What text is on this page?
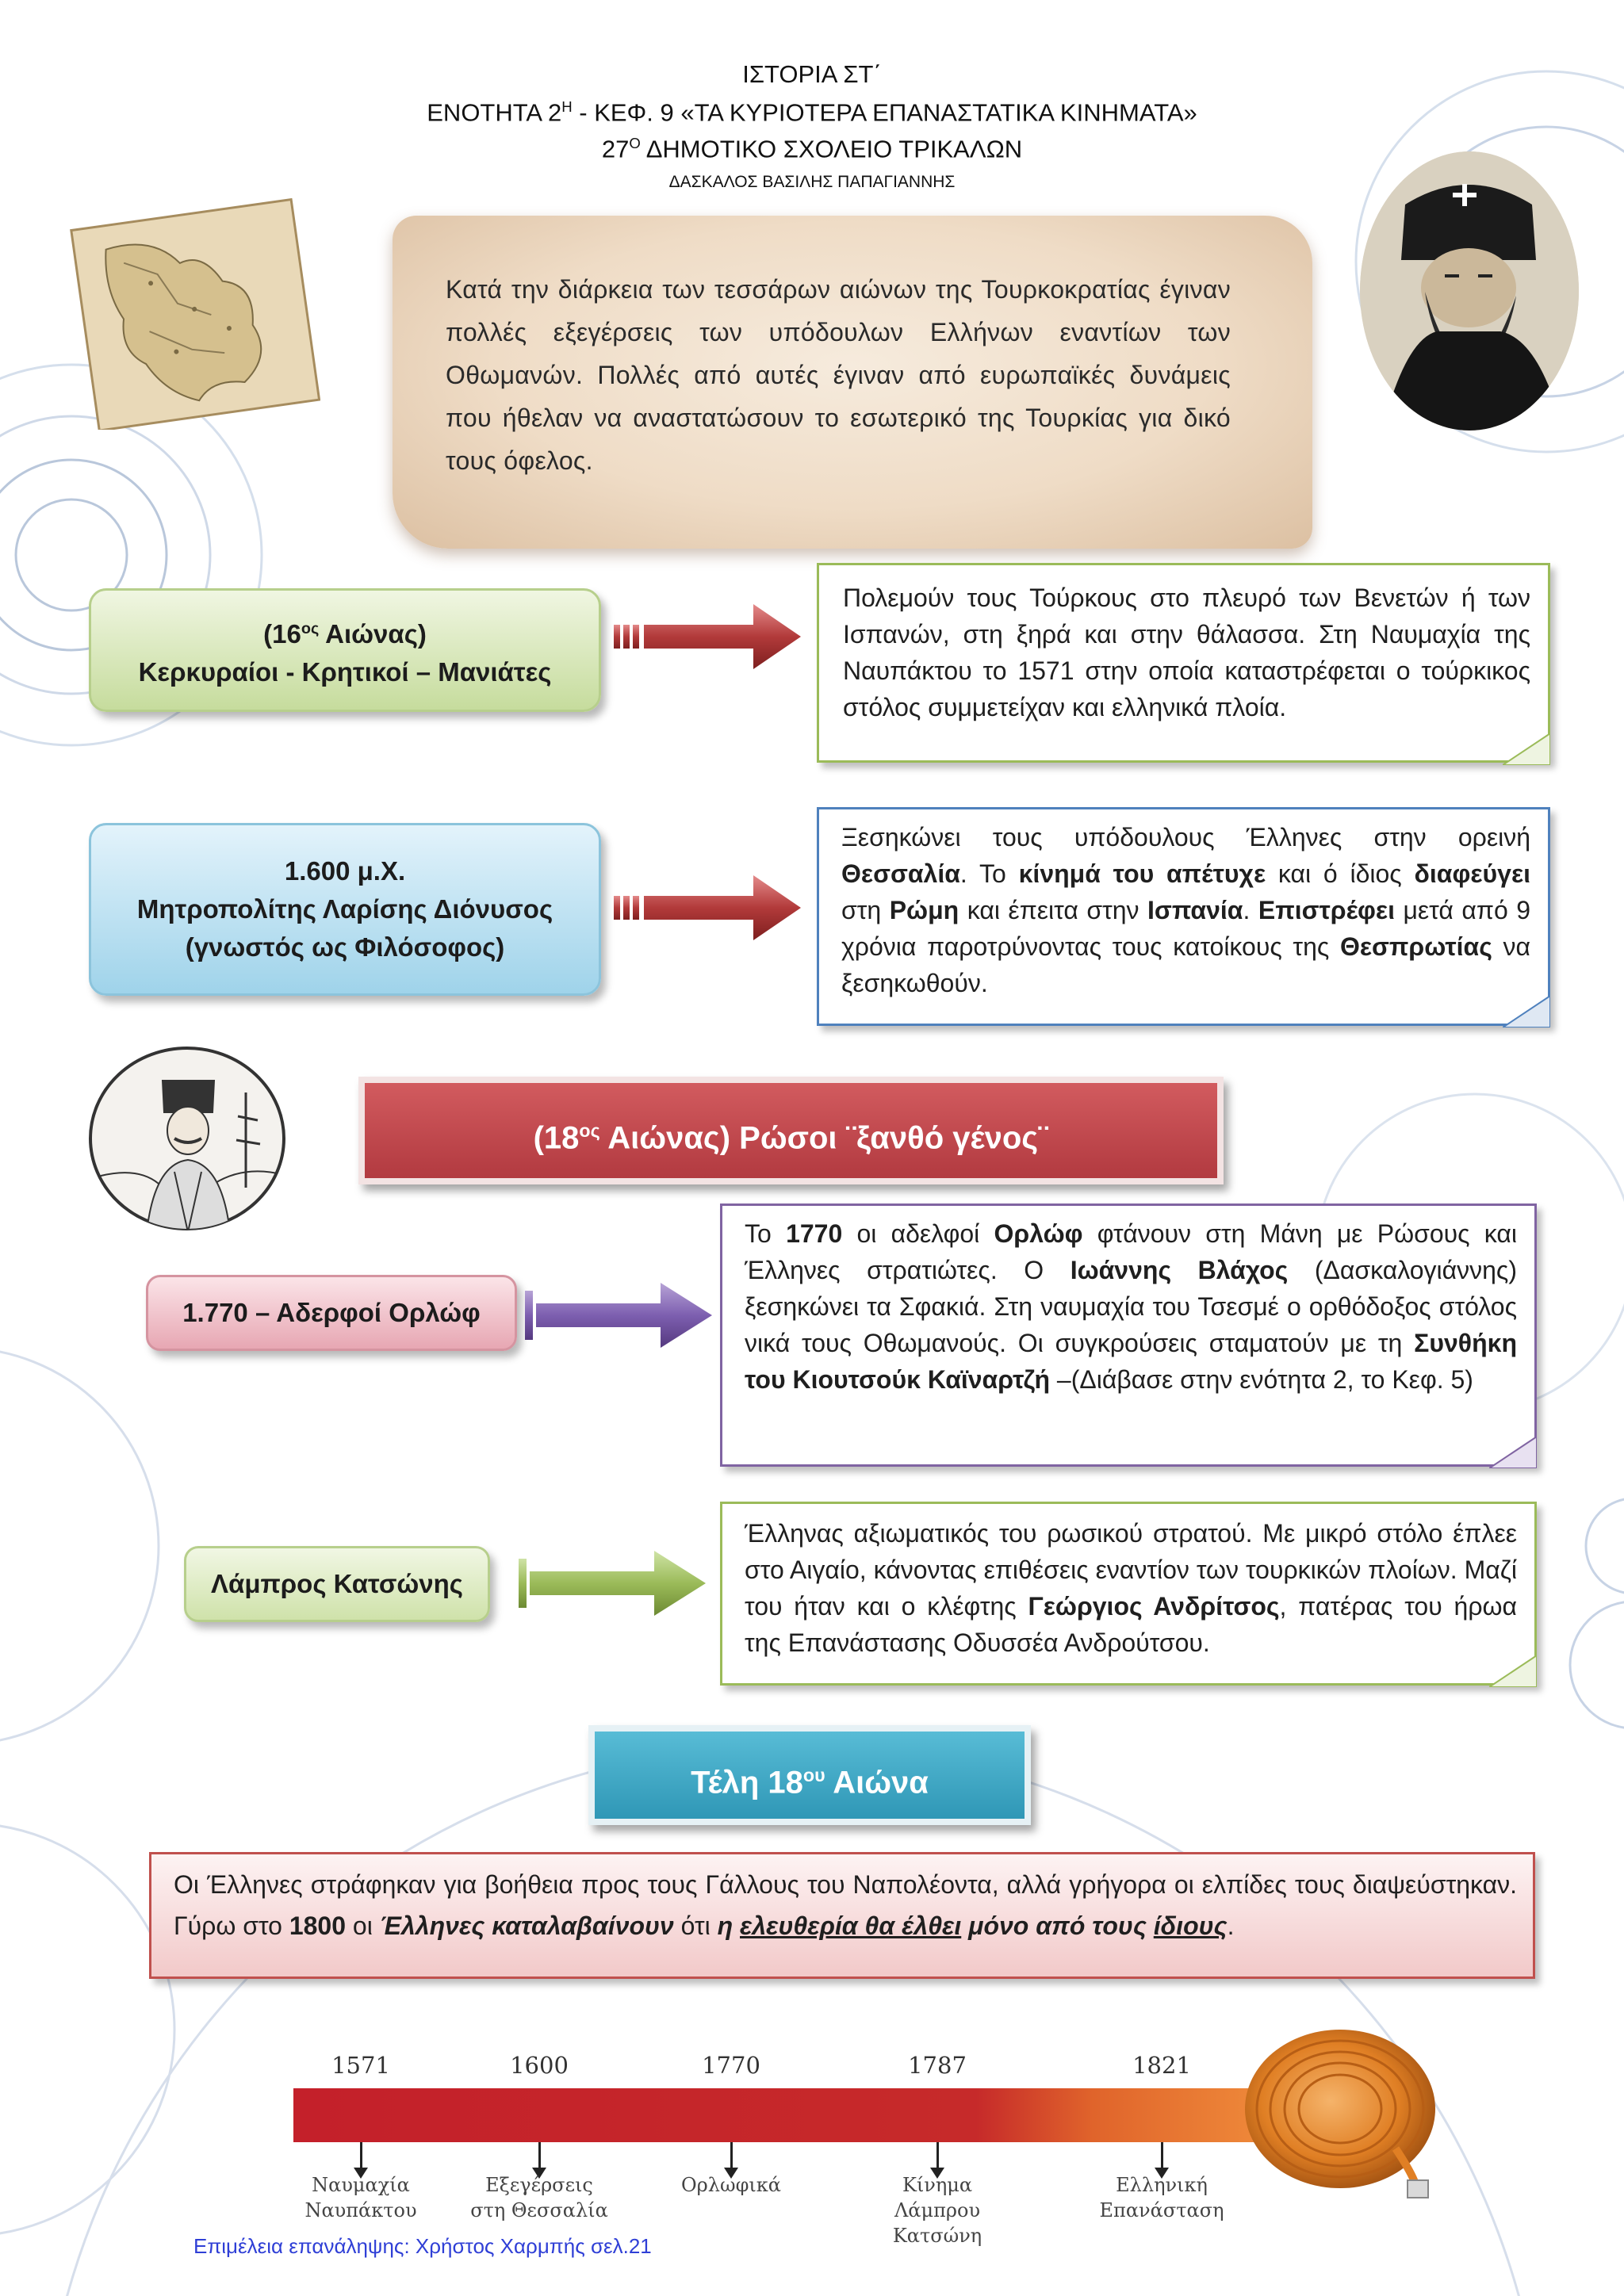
ΙΣΤΟΡΙΑ ΣΤ΄
ΕΝΟΤΗΤΑ $2^H$ - ΚΕΦ. 9 «ΤΑ ΚΥΡΙΟΤΕΡΑ ΕΠΑΝΑΣΤΑΤΙΚΑ ΚΙΝΗΜΑΤΑ»
$27^O$ ΔΗΜΟΤΙΚΟ ΣΧΟΛΕΙΟ ΤΡΙΚΑΛΩΝ
ΔΑΣΚΑΛΟΣ ΒΑΣΙΛΗΣ ΠΑΠΑΓΙΑΝΝΗΣ
Κατά την διάρκεια των τεσσάρων αιώνων της Τουρκοκρατίας έγιναν πολλές εξεγέρσεις των υπόδουλων Ελλήνων εναντίων των Οθωμανών. Πολλές από αυτές έγιναν από ευρωπαϊκές δυνάμεις που ήθελαν να αναστατώσουν το εσωτερικό της Τουρκίας για δικό τους όφελος.
($16^{o\varsigma}$ Αιώνας)
Κερκυραίοι - Κρητικοί – Μανιάτες
Πολεμούν τους Τούρκους στο πλευρό των Βενετών ή των Ισπανών, στη ξηρά και στην θάλασσα. Στη Ναυμαχία της Ναυπάκτου το 1571 στην οποία καταστρέφεται ο τούρκικος στόλος συμμετείχαν και ελληνικά πλοία.
1.600 μ.Χ.
Μητροπολίτης Λαρίσης Διόνυσος
(γνωστός ως Φιλόσοφος)
Ξεσηκώνει τους υπόδουλους Έλληνες στην ορεινή Θεσσαλία. Το κίνημά του απέτυχε και ό ίδιος διαφεύγει στη Ρώμη και έπειτα στην Ισπανία. Επιστρέφει μετά από 9 χρόνια παροτρύνοντας τους κατοίκους της Θεσπρωτίας να ξεσηκωθούν.
($18^{o\varsigma}$ Αιώνας) Ρώσοι ¨ξανθό γένος¨
1.770 – Αδερφοί Ορλώφ
Το 1770 οι αδελφοί Ορλώφ φτάνουν στη Μάνη με Ρώσους και Έλληνες στρατιώτες. Ο Ιωάννης Βλάχος (Δασκαλογιάννης) ξεσηκώνει τα Σφακιά. Στη ναυμαχία του Τσεσμέ ο ορθόδοξος στόλος νικά τους Οθωμανούς. Οι συγκρούσεις σταματούν με τη Συνθήκη του Κιουτσούκ Καϊναρτζή –(Διάβασε στην ενότητα 2, το Κεφ. 5)
Λάμπρος Κατσώνης
Έλληνας αξιωματικός του ρωσικού στρατού. Με μικρό στόλο έπλεε στο Αιγαίο, κάνοντας επιθέσεις εναντίον των τουρκικών πλοίων. Μαζί του ήταν και ο κλέφτης Γεώργιος Ανδρίτσος, πατέρας του ήρωα της Επανάστασης Οδυσσέα Ανδρούτσου.
Τέλη $18^{o\upsilon}$ Αιώνα
Οι Έλληνες στράφηκαν για βοήθεια προς τους Γάλλους του Ναπολέοντα, αλλά γρήγορα οι ελπίδες τους διαψεύστηκαν. Γύρω στο 1800 οι Έλληνες καταλαβαίνουν ότι η ελευθερία θα έλθει μόνο από τους ίδιους.
1571	1600	1770	1787	1821
Ναυμαχία
Ναυπάκτου
Εξεγέρσεις
στη Θεσσαλία
Ορλωφικά	Κίνημα
Λάμπρου Κατσώνη
Ελληνική
Επανάσταση
Επιμέλεια επανάληψης: Χρήστος Χαρμπής σελ.21
